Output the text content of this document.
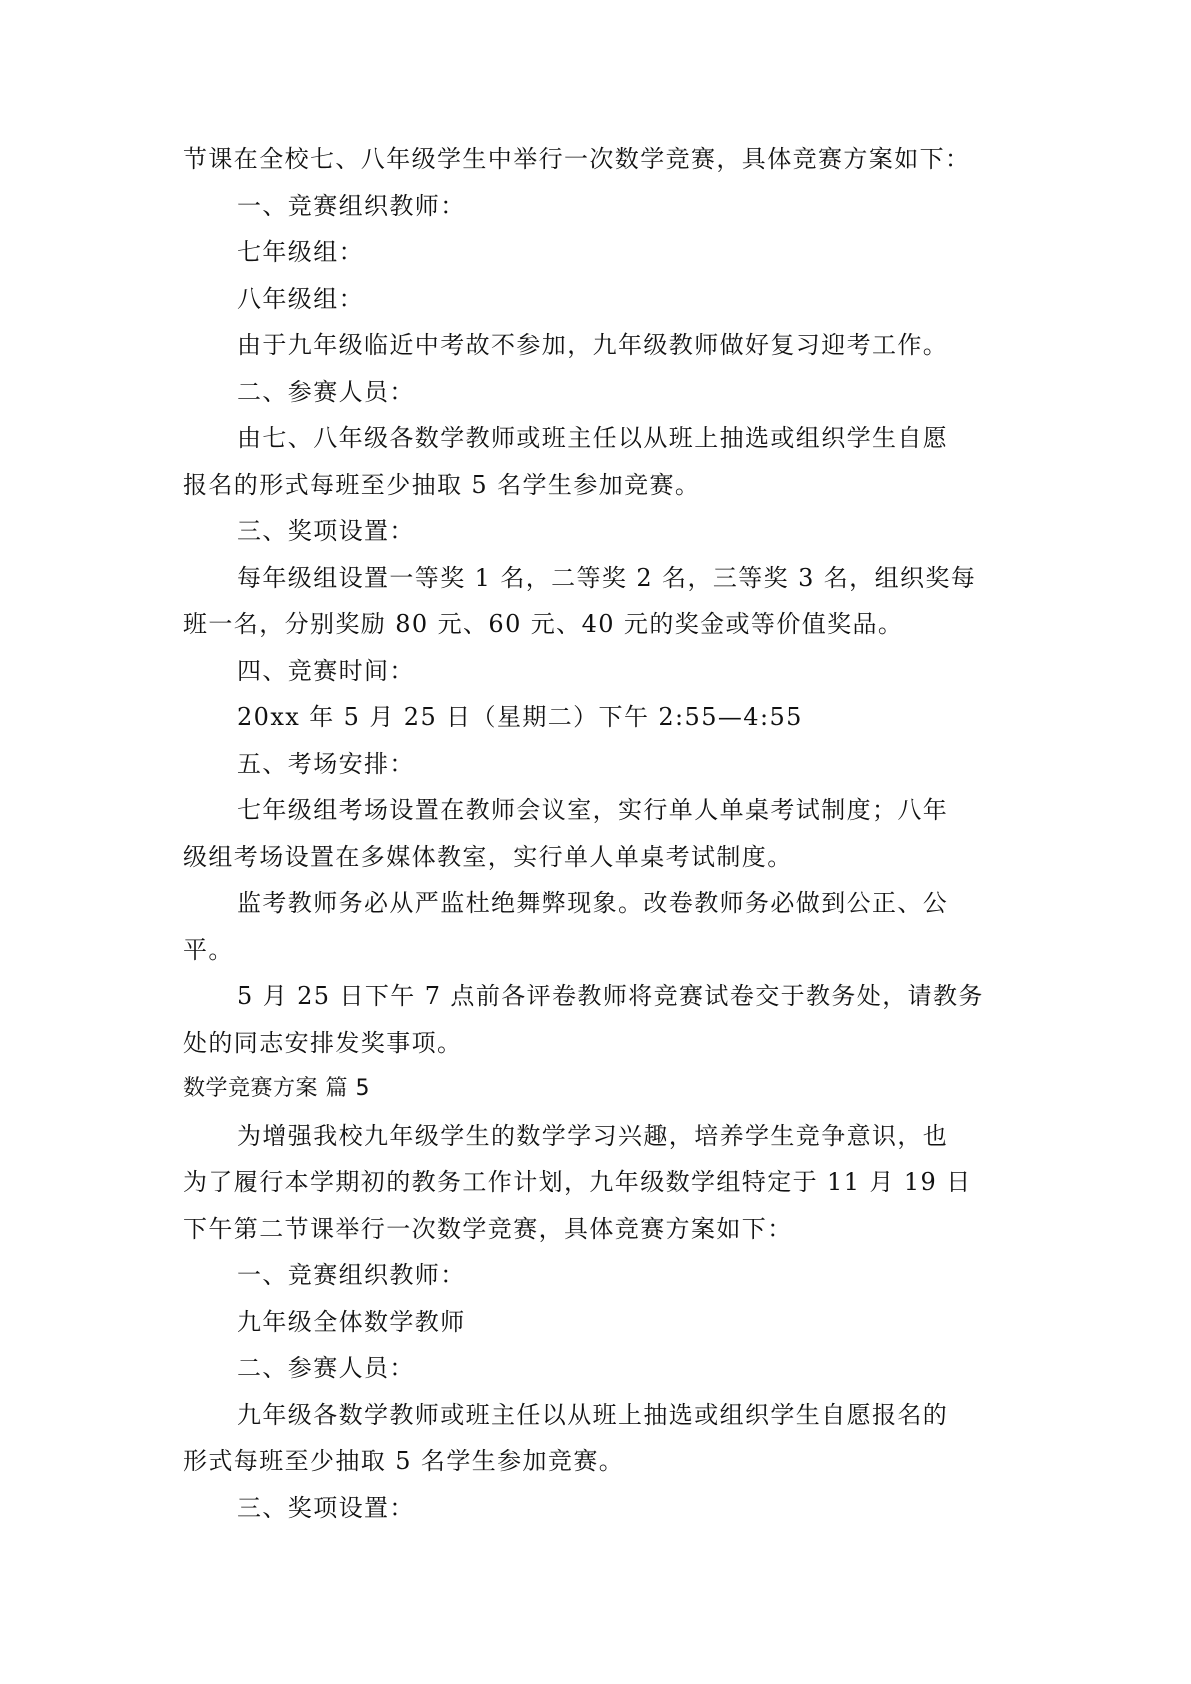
节课在全校七、八年级学生中举行一次数学竞赛，具体竞赛方案如下：
一、竞赛组织教师：
七年级组：
八年级组：
由于九年级临近中考故不参加，九年级教师做好复习迎考工作。
二、参赛人员：
由七、八年级各数学教师或班主任以从班上抽选或组织学生自愿
报名的形式每班至少抽取 5 名学生参加竞赛。
三、奖项设置：
每年级组设置一等奖 1 名，二等奖 2 名，三等奖 3 名，组织奖每
班一名，分别奖励 80 元、60 元、40 元的奖金或等价值奖品。
四、竞赛时间：
20xx 年 5 月 25 日（星期二）下午 2:55—4:55
五、考场安排：
七年级组考场设置在教师会议室，实行单人单桌考试制度；八年
级组考场设置在多媒体教室，实行单人单桌考试制度。
监考教师务必从严监杜绝舞弊现象。改卷教师务必做到公正、公
平。
5 月 25 日下午 7 点前各评卷教师将竞赛试卷交于教务处，请教务
处的同志安排发奖事项。
数学竞赛方案 篇 5
为增强我校九年级学生的数学学习兴趣，培养学生竞争意识，也
为了履行本学期初的教务工作计划，九年级数学组特定于 11 月 19 日
下午第二节课举行一次数学竞赛，具体竞赛方案如下：
一、竞赛组织教师：
九年级全体数学教师
二、参赛人员：
九年级各数学教师或班主任以从班上抽选或组织学生自愿报名的
形式每班至少抽取 5 名学生参加竞赛。
三、奖项设置：
